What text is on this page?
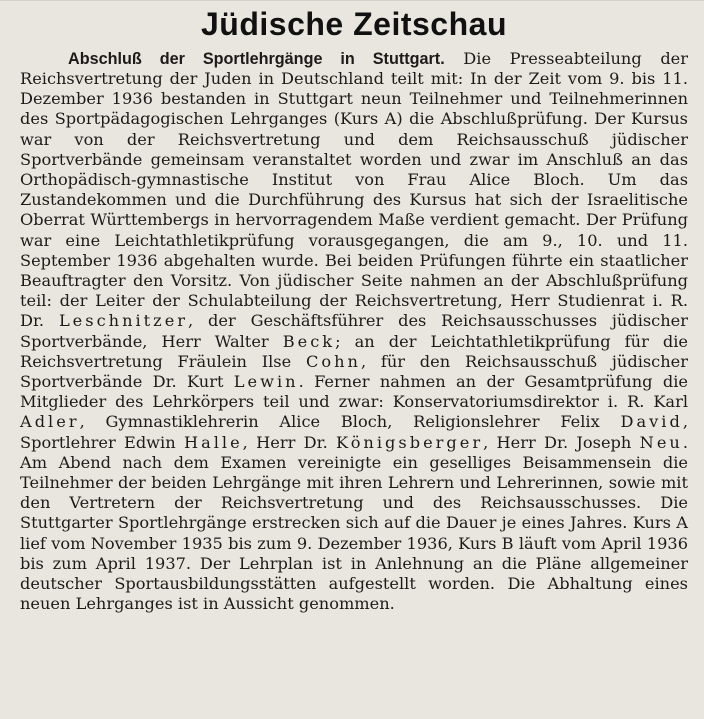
Jüdische Zeitschau

Abschluß der Sportlehrgänge in Stuttgart. Die Presseabteilung der Reichsvertretung der Juden in Deutschland teilt mit: In der Zeit vom 9. bis 11. Dezember 1936 bestanden in Stuttgart neun Teilnehmer und Teilnehmerinnen des Sportpädagogischen Lehrganges (Kurs A) die Abschlußprüfung. Der Kursus war von der Reichsvertretung und dem Reichsausschuß jüdischer Sportverbände gemeinsam veranstaltet worden und zwar im Anschluß an das Orthopädisch-gymnastische Institut von Frau Alice Bloch. Um das Zustandekommen und die Durchführung des Kursus hat sich der Israelitische Oberrat Württembergs in hervorragendem Maße verdient gemacht. Der Prüfung war eine Leichtathletikprüfung vorausgegangen, die am 9., 10. und 11. September 1936 abgehalten wurde. Bei beiden Prüfungen führte ein staatlicher Beauftragter den Vorsitz. Von jüdischer Seite nahmen an der Abschlußprüfung teil: der Leiter der Schulabteilung der Reichsvertretung, Herr Studienrat i. R. Dr. Leschnitzer, der Geschäftsführer des Reichsausschusses jüdischer Sportverbände, Herr Walter Beck; an der Leichtathletikprüfung für die Reichsvertretung Fräulein Ilse Cohn, für den Reichsausschuß jüdischer Sportverbände Dr. Kurt Lewin. Ferner nahmen an der Gesamtprüfung die Mitglieder des Lehrkörpers teil und zwar: Konservatoriumsdirektor i. R. Karl Adler, Gymnastiklehrerin Alice Bloch, Religionslehrer Felix David, Sportlehrer Edwin Halle, Herr Dr. Königsberger, Herr Dr. Joseph Neu. Am Abend nach dem Examen vereinigte ein geselliges Beisammensein die Teilnehmer der beiden Lehrgänge mit ihren Lehrern und Lehrerinnen, sowie mit den Vertretern der Reichsvertretung und des Reichsausschusses. Die Stuttgarter Sportlehrgänge erstrecken sich auf die Dauer je eines Jahres. Kurs A lief vom November 1935 bis zum 9. Dezember 1936, Kurs B läuft vom April 1936 bis zum April 1937. Der Lehrplan ist in Anlehnung an die Pläne allgemeiner deutscher Sportausbildungsstätten aufgestellt worden. Die Abhaltung eines neuen Lehrganges ist in Aussicht genommen.
